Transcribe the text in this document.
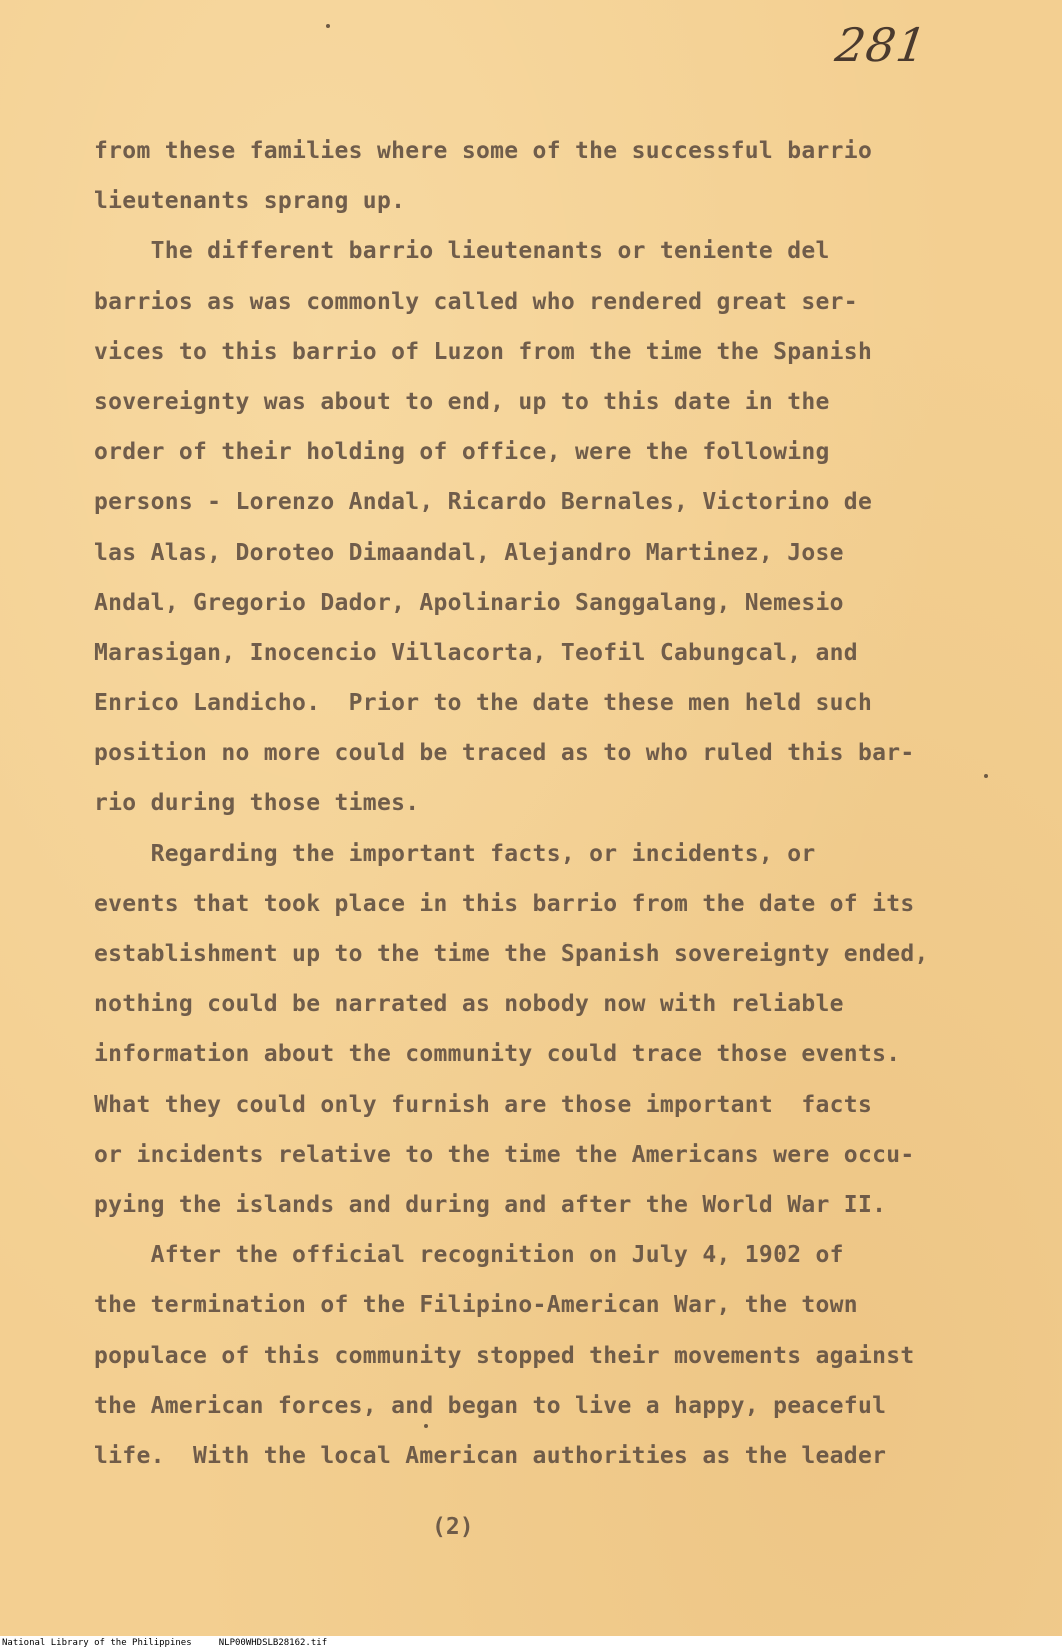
281
from these families where some of the successful barrio
lieutenants sprang up.
The different barrio lieutenants or teniente del
barrios as was commonly called who rendered great ser-
vices to this barrio of Luzon from the time the Spanish
sovereignty was about to end, up to this date in the
order of their holding of office, were the following
persons - Lorenzo Andal, Ricardo Bernales, Victorino de
las Alas, Doroteo Dimaandal, Alejandro Martinez, Jose
Andal, Gregorio Dador, Apolinario Sanggalang, Nemesio
Marasigan, Inocencio Villacorta, Teofil Cabungcal, and
Enrico Landicho.  Prior to the date these men held such
position no more could be traced as to who ruled this bar-
rio during those times.
Regarding the important facts, or incidents, or
events that took place in this barrio from the date of its
establishment up to the time the Spanish sovereignty ended,
nothing could be narrated as nobody now with reliable
information about the community could trace those events.
What they could only furnish are those important  facts
or incidents relative to the time the Americans were occu-
pying the islands and during and after the World War II.
After the official recognition on July 4, 1902 of
the termination of the Filipino-American War, the town
populace of this community stopped their movements against
the American forces, and began to live a happy, peaceful
life.  With the local American authorities as the leader
(2)
National Library of the Philippines     NLP00WHDSLB28162.tif
